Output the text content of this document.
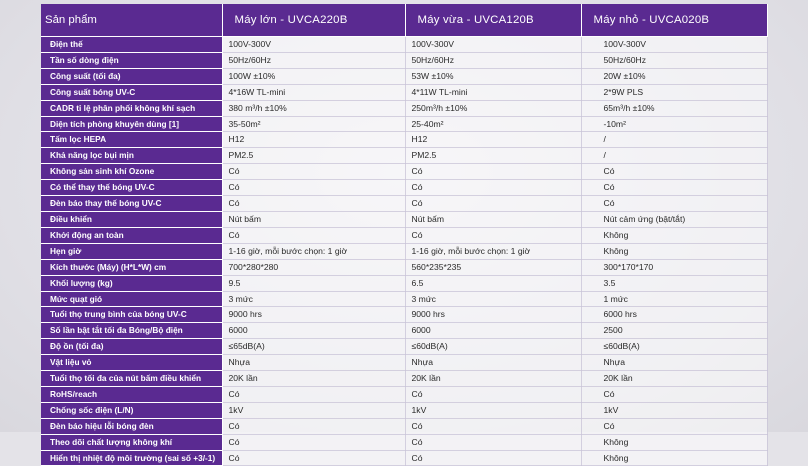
Sản phẩm	Máy lớn - UVCA220B	Máy vừa - UVCA120B	Máy nhỏ - UVCA020B
Điện thế	100V-300V	100V-300V	100V-300V
Tần số dòng điện	50Hz/60Hz	50Hz/60Hz	50Hz/60Hz
Công suất (tối đa)	100W ±10%	53W ±10%	20W ±10%
Công suất bóng UV-C	4*16W TL-mini	4*11W TL-mini	2*9W PLS
CADR tỉ lệ phân phối không khí sạch	380 m³/h ±10%	250m³/h ±10%	65m³/h ±10%
Diện tích phòng khuyên dùng [1]	35-50m²	25-40m²	-10m²
Tấm lọc HEPA	H12	H12	/
Khả năng lọc bụi mịn	PM2.5	PM2.5	/
Không sản sinh khí Ozone	Có	Có	Có
Có thể thay thế bóng UV-C	Có	Có	Có
Đèn báo thay thế bóng UV-C	Có	Có	Có
Điều khiển	Nút bấm	Nút bấm	Nút cảm ứng (bật/tắt)
Khởi động an toàn	Có	Có	Không
Hẹn giờ	1-16 giờ, mỗi bước chọn: 1 giờ	1-16 giờ, mỗi bước chọn: 1 giờ	Không
Kích thước (Máy) (H*L*W) cm	700*280*280	560*235*235	300*170*170
Khối lượng (kg)	9.5	6.5	3.5
Mức quạt gió	3 mức	3 mức	1 mức
Tuổi thọ trung bình của bóng UV-C	9000 hrs	9000 hrs	6000 hrs
Số lần bật tắt tối đa Bóng/Bộ điện	6000	6000	2500
Độ ồn (tối đa)	≤65dB(A)	≤60dB(A)	≤60dB(A)
Vật liệu vỏ	Nhựa	Nhựa	Nhựa
Tuổi thọ tối đa của nút bấm điều khiển	20K lần	20K lần	20K lần
RoHS/reach	Có	Có	Có
Chống sốc điện (L/N)	1kV	1kV	1kV
Đèn báo hiệu lỗi bóng đèn	Có	Có	Có
Theo dõi chất lượng không khí	Có	Có	Không
Hiển thị nhiệt độ môi trường (sai số +3/-1)	Có	Có	Không
